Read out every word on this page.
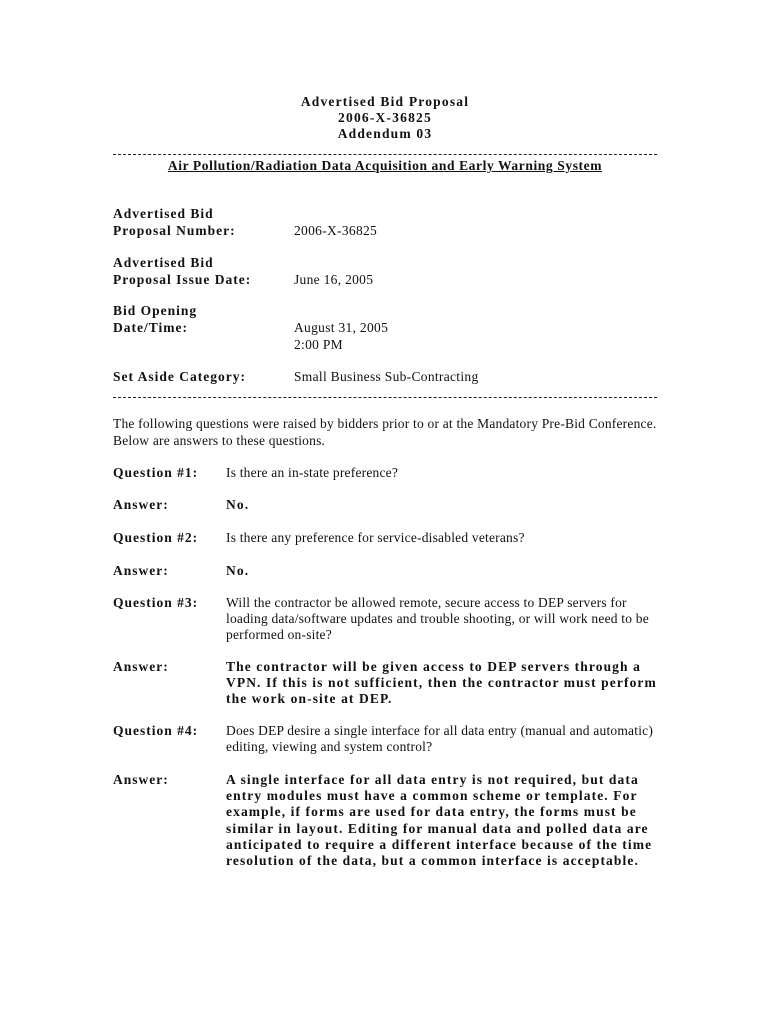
Advertised Bid Proposal
2006-X-36825
Addendum 03
Air Pollution/Radiation Data Acquisition and Early Warning System
Advertised Bid
Proposal Number:	2006-X-36825
Advertised Bid
Proposal Issue Date:	June 16, 2005
Bid Opening
Date/Time:	August 31, 2005
2:00 PM
Set Aside Category:	Small Business Sub-Contracting
The following questions were raised by bidders prior to or at the Mandatory Pre-Bid Conference. Below are answers to these questions.
Question #1: Is there an in-state preference?
Answer:	No.
Question #2: Is there any preference for service-disabled veterans?
Answer:	No.
Question #3: Will the contractor be allowed remote, secure access to DEP servers for loading data/software updates and trouble shooting, or will work need to be performed on-site?
Answer:	The contractor will be given access to DEP servers through a VPN. If this is not sufficient, then the contractor must perform the work on-site at DEP.
Question #4: Does DEP desire a single interface for all data entry (manual and automatic) editing, viewing and system control?
Answer:	A single interface for all data entry is not required, but data entry modules must have a common scheme or template. For example, if forms are used for data entry, the forms must be similar in layout. Editing for manual data and polled data are anticipated to require a different interface because of the time resolution of the data, but a common interface is acceptable.
